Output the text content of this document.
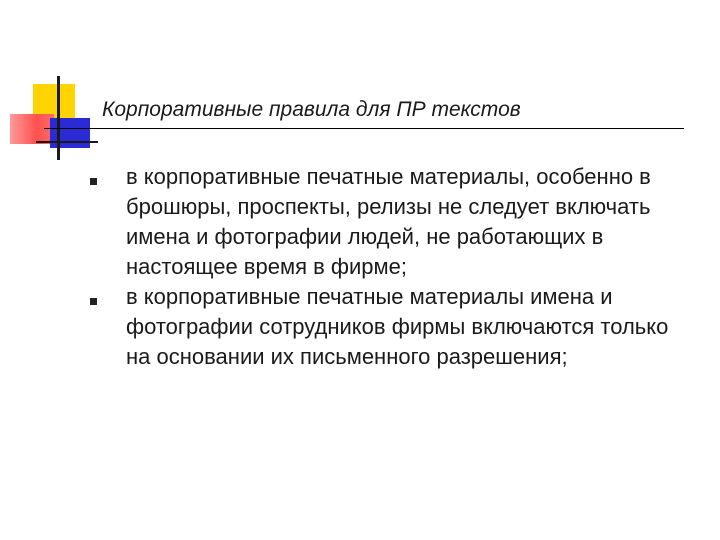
Корпоративные правила для ПР текстов
в корпоративные печатные материалы, особенно в брошюры, проспекты, релизы не следует включать имена и фотографии людей, не работающих в настоящее время в фирме;
в корпоративные печатные материалы имена и фотографии сотрудников фирмы включаются только на основании их письменного разрешения;
